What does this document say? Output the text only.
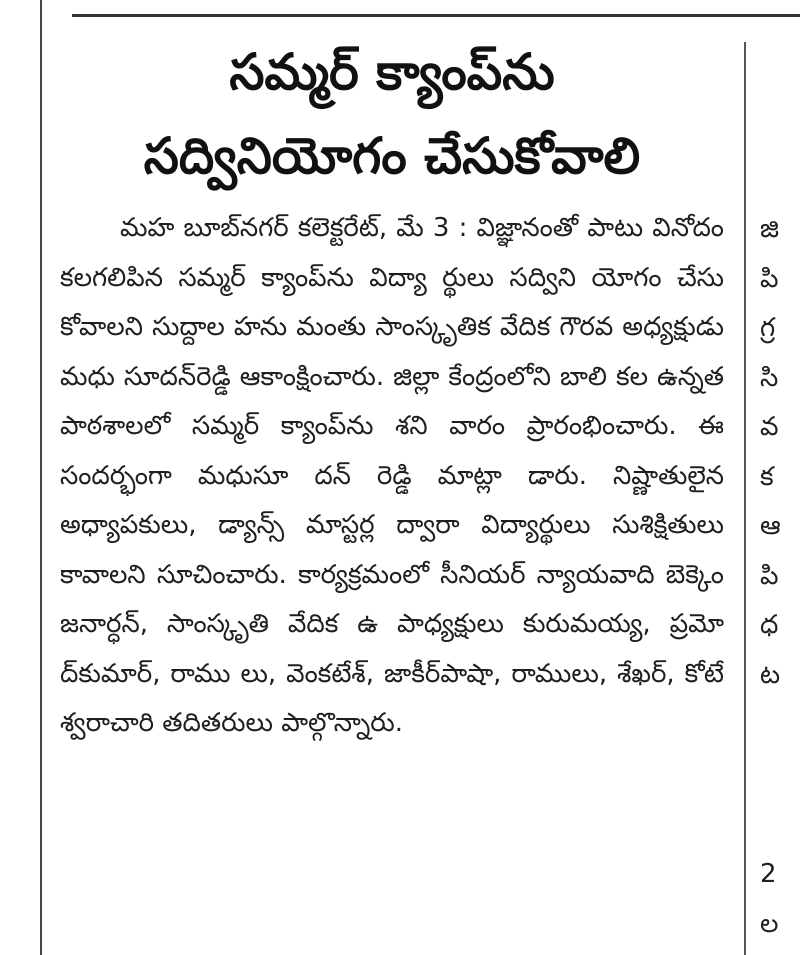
సమ్మర్ క్యాంప్‌ను
సద్వినియోగం చేసుకోవాలి

మహ బూబ్‌నగర్ కలెక్టరేట్, మే 3 : విజ్ఞానంతో పాటు వినోదం కలగలిపిన సమ్మర్ క్యాంప్‌ను విద్యా ర్థులు సద్విని యోగం చేసు కోవాలని సుద్దాల హను మంతు సాంస్కృతిక వేదిక గౌరవ అధ్యక్షుడు మధు సూదన్‌రెడ్డి ఆకాంక్షించారు. జిల్లా కేంద్రంలోని బాలి కల ఉన్నత పాఠశాలలో సమ్మర్ క్యాంప్‌ను శని వారం ప్రారంభించారు. ఈ సందర్భంగా మధుసూ దన్ రెడ్డి మాట్లా డారు. నిష్ణాతులైన అధ్యాపకులు, డ్యాన్స్ మాస్టర్ల ద్వారా విద్యార్థులు సుశిక్షితులు కావాలని సూచించారు. కార్యక్రమంలో సీనియర్ న్యాయవాది బెక్కెం జనార్ధన్, సాంస్కృతి వేదిక ఉ పాధ్యక్షులు కురుమయ్య, ప్రమో ద్‌కుమార్, రాము లు, వెంకటేశ్, జాకీర్‌పాషా, రాములు, శేఖర్, కోటే శ్వరాచారి తదితరులు పాల్గొన్నారు.

జి
పి
గ్ర
సి
వ
క
ఆ
పి
ధ
ట
2
ల
